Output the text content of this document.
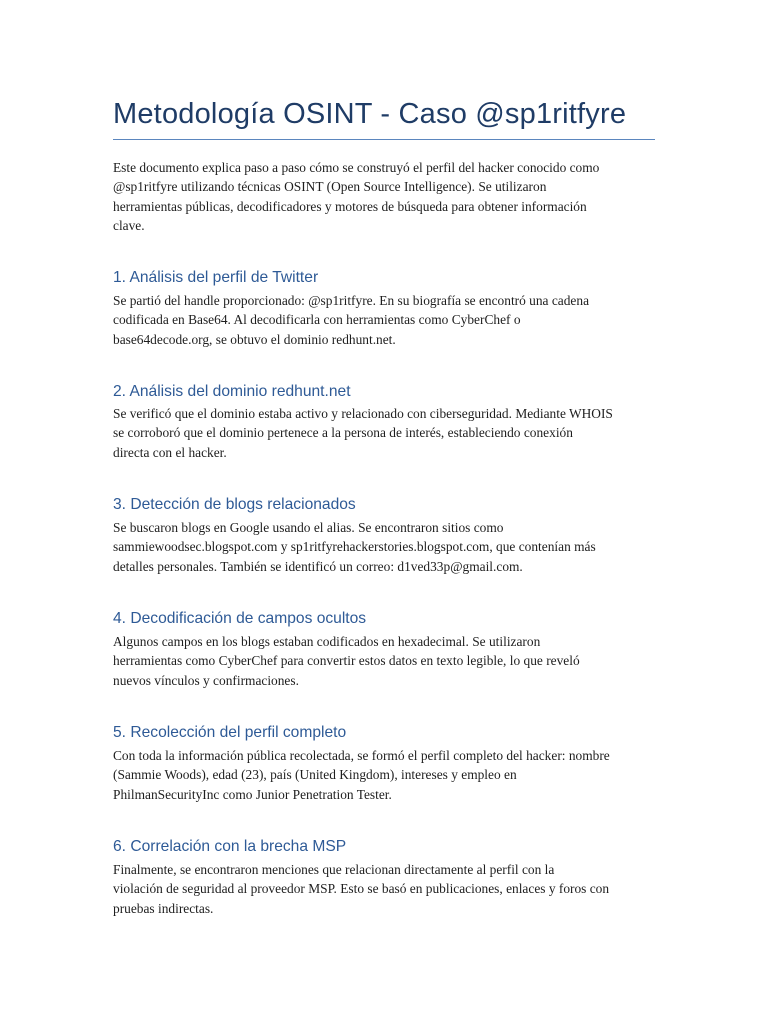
Metodología OSINT - Caso @sp1ritfyre

Este documento explica paso a paso cómo se construyó el perfil del hacker conocido como
@sp1ritfyre utilizando técnicas OSINT (Open Source Intelligence). Se utilizaron
herramientas públicas, decodificadores y motores de búsqueda para obtener información
clave.

1. Análisis del perfil de Twitter

Se partió del handle proporcionado: @sp1ritfyre. En su biografía se encontró una cadena
codificada en Base64. Al decodificarla con herramientas como CyberChef o
base64decode.org, se obtuvo el dominio redhunt.net.

2. Análisis del dominio redhunt.net

Se verificó que el dominio estaba activo y relacionado con ciberseguridad. Mediante WHOIS
se corroboró que el dominio pertenece a la persona de interés, estableciendo conexión
directa con el hacker.

3. Detección de blogs relacionados

Se buscaron blogs en Google usando el alias. Se encontraron sitios como
sammiewoodsec.blogspot.com y sp1ritfyrehackerstories.blogspot.com, que contenían más
detalles personales. También se identificó un correo: d1ved33p@gmail.com.

4. Decodificación de campos ocultos

Algunos campos en los blogs estaban codificados en hexadecimal. Se utilizaron
herramientas como CyberChef para convertir estos datos en texto legible, lo que reveló
nuevos vínculos y confirmaciones.

5. Recolección del perfil completo

Con toda la información pública recolectada, se formó el perfil completo del hacker: nombre
(Sammie Woods), edad (23), país (United Kingdom), intereses y empleo en
PhilmanSecurityInc como Junior Penetration Tester.

6. Correlación con la brecha MSP

Finalmente, se encontraron menciones que relacionan directamente al perfil con la
violación de seguridad al proveedor MSP. Esto se basó en publicaciones, enlaces y foros con
pruebas indirectas.
